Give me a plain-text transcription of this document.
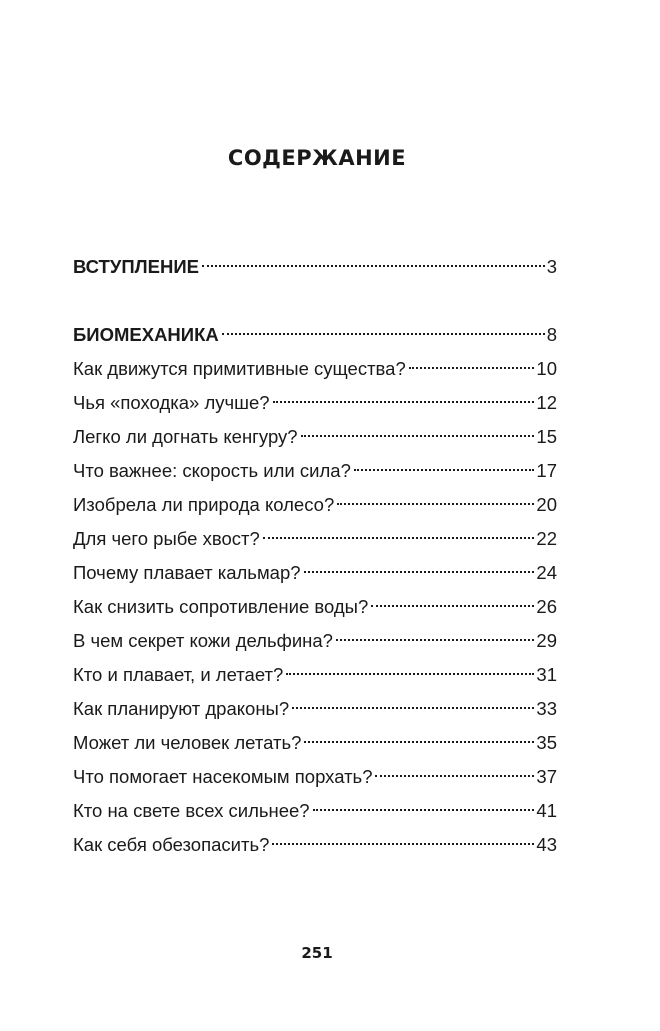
СОДЕРЖАНИЕ
ВСТУПЛЕНИЕ	3
БИОМЕХАНИКА	8
Как движутся примитивные существа?	10
Чья «походка» лучше?	12
Легко ли догнать кенгуру?	15
Что важнее: скорость или сила?	17
Изобрела ли природа колесо?	20
Для чего рыбе хвост?	22
Почему плавает кальмар?	24
Как снизить сопротивление воды?	26
В чем секрет кожи дельфина?	29
Кто и плавает, и летает?	31
Как планируют драконы?	33
Может ли человек летать?	35
Что помогает насекомым порхать?	37
Кто на свете всех сильнее?	41
Как себя обезопасить?	43
251
